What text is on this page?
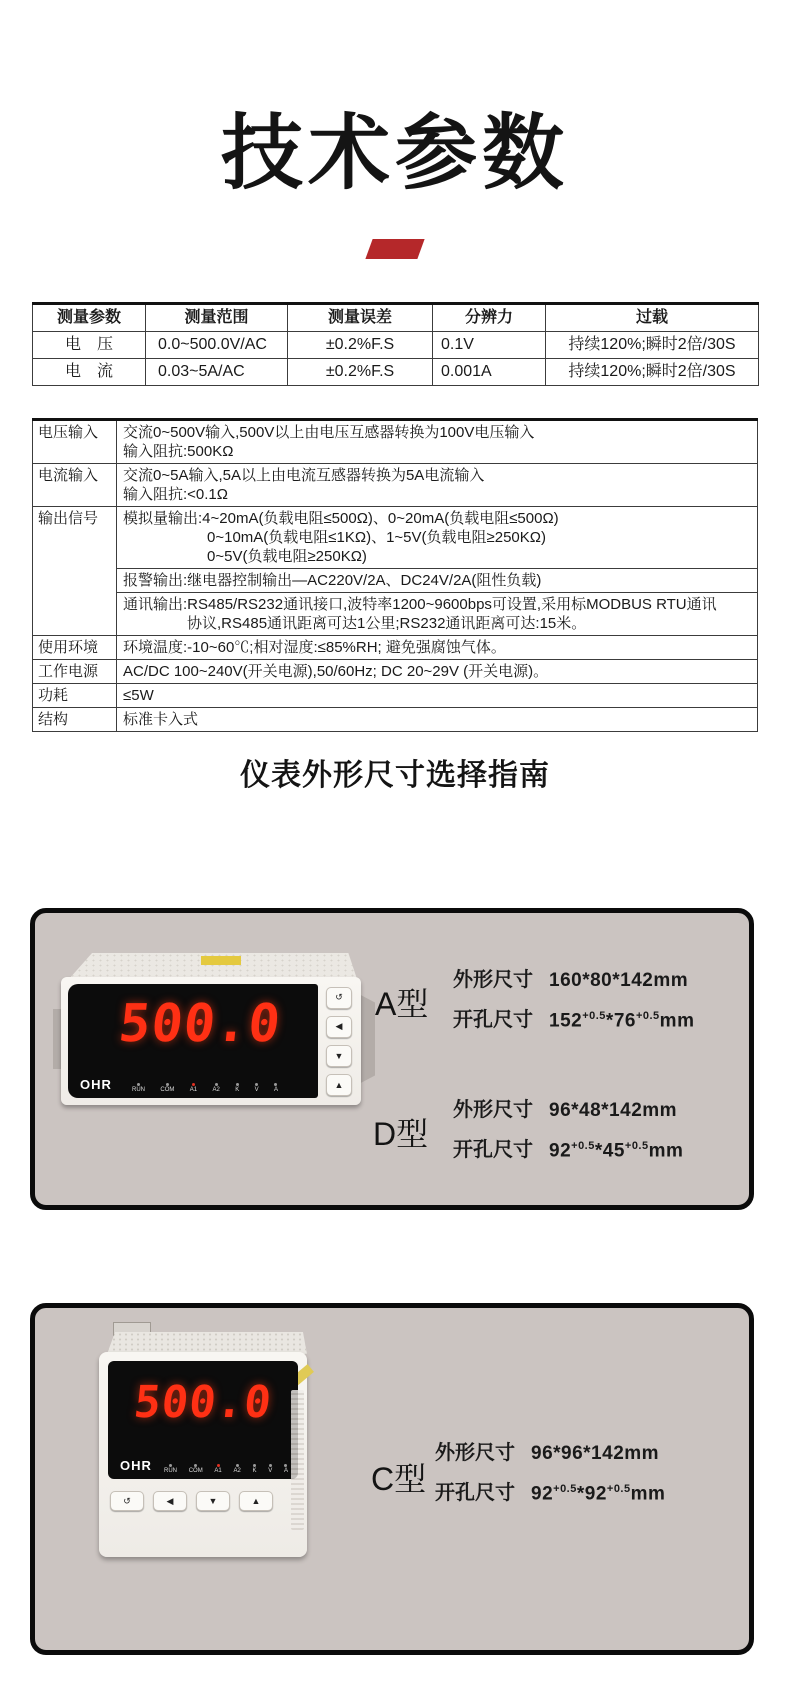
技术参数
测量参数	测量范围	测量误差	分辨力	过载
电　压	0.0~500.0V/AC	±0.2%F.S	0.1V	持续120%;瞬时2倍/30S
电　流	0.03~5A/AC	±0.2%F.S	0.001A	持续120%;瞬时2倍/30S
电压输入	交流0~500V输入,500V以上由电压互感器转换为100V电压输入
输入阻抗:500KΩ

电流输入	交流0~5A输入,5A以上由电流互感器转换为5A电流输入
输入阻抗:<0.1Ω

输出信号	模拟量输出:4~20mA(负载电阻≤500Ω)、0~20mA(负载电阻≤500Ω)
0~10mA(负载电阻≤1KΩ)、1~5V(负载电阻≥250KΩ)
0~5V(负载电阻≥250KΩ)

	报警输出:继电器控制输出—AC220V/2A、DC24V/2A(阻性负载)

	通讯输出:RS485/RS232通讯接口,波特率1200~9600bps可设置,采用标MODBUS RTU通讯
协议,RS485通讯距离可达1公里;RS232通讯距离可达:15米。

使用环境	环境温度:-10~60℃;相对湿度:≤85%RH; 避免强腐蚀气体。

工作电源	AC/DC 100~240V(开关电源),50/60Hz; DC 20~29V (开关电源)。

功耗	≤5W

结构	标准卡入式
仪表外形尺寸选择指南
500.0
OHR	RUN	COM	A1	A2	K	V	A
↺
◀
▼
▲
A型
外形尺寸 160*80*142mm
开孔尺寸 $152^{+0.5}*76^{+0.5}mm$
D型
外形尺寸 96*48*142mm
开孔尺寸 $92^{+0.5}*45^{+0.5}mm$
500.0
OHR RUN COM A1 A2 K V A
↺	◀	▼	▲
C型
外形尺寸 96*96*142mm
开孔尺寸 $92^{+0.5}*92^{+0.5}mm$
